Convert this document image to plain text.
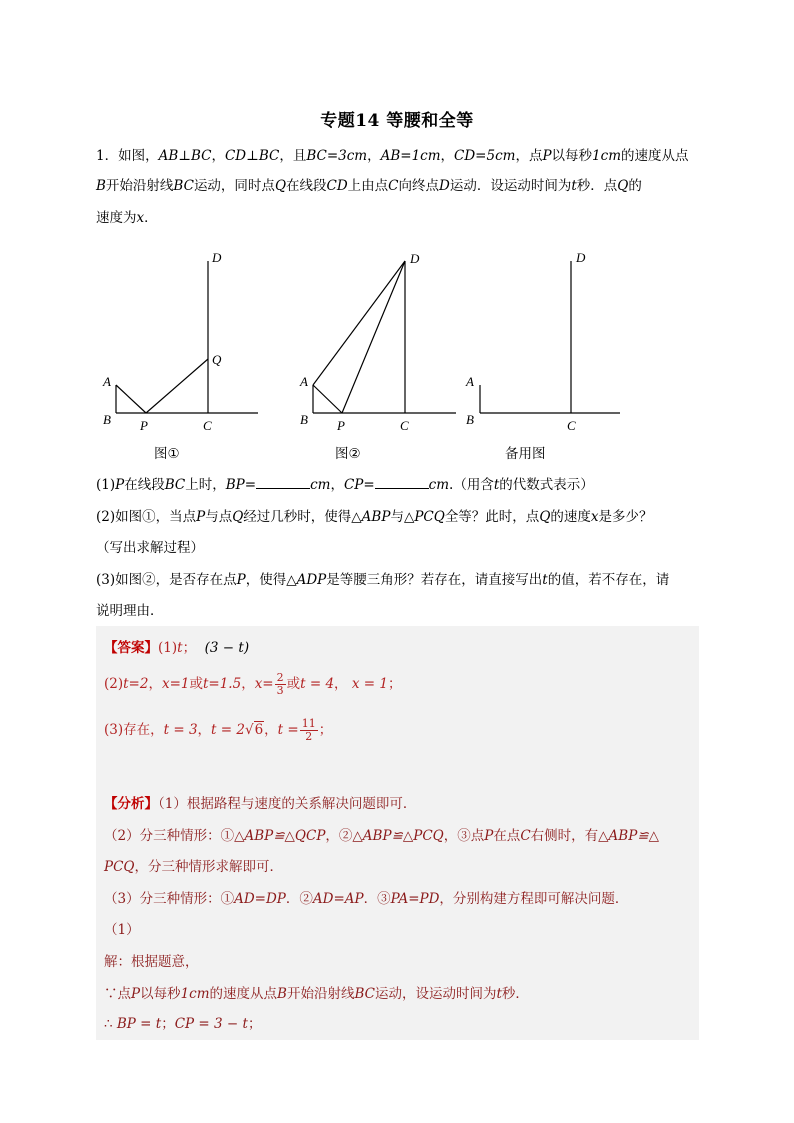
专题14 等腰和全等
1．如图，AB⊥BC，CD⊥BC，且BC=3cm，AB=1cm，CD=5cm，点P以每秒1cm的速度从点
B开始沿射线BC运动，同时点Q在线段CD上由点C向终点D运动．设运动时间为t秒．点Q的
速度为x．
D
Q
A
B P	C
D
A
B P	C
D
A
B	C
图①	图②	备用图
(1)P在线段BC上时，BP=	cm，CP=	cm.（用含t的代数式表示）
(2)如图①，当点P与点Q经过几秒时，使得△ABP与△PCQ全等？此时，点Q的速度x是多少？
（写出求解过程）
(3)如图②，是否存在点P，使得△ADP是等腰三角形？若存在，请直接写出t的值，若不存在，请
说明理由．
【答案】(1)t； (3 − t)
(2)t=2，x=1或t=1.5，$x= \frac{2}{3}$ 或t = 4， x = 1；
(3)存在，t = 3，t = 2√6，$t = \frac{11}{2}$ ；
【分析】（1）根据路程与速度的关系解决问题即可．
（2）分三种情形：①△ABP≌△QCP，②△ABP≌△PCQ，③点P在点C右侧时，有△ABP≌△
PCQ，分三种情形求解即可．
（3）分三种情形：①AD=DP．②AD=AP．③PA=PD，分别构建方程即可解决问题．
（1）
解：根据题意，
∵点P以每秒1cm的速度从点B开始沿射线BC运动，设运动时间为t秒．
∴ BP = t；CP = 3 − t；
